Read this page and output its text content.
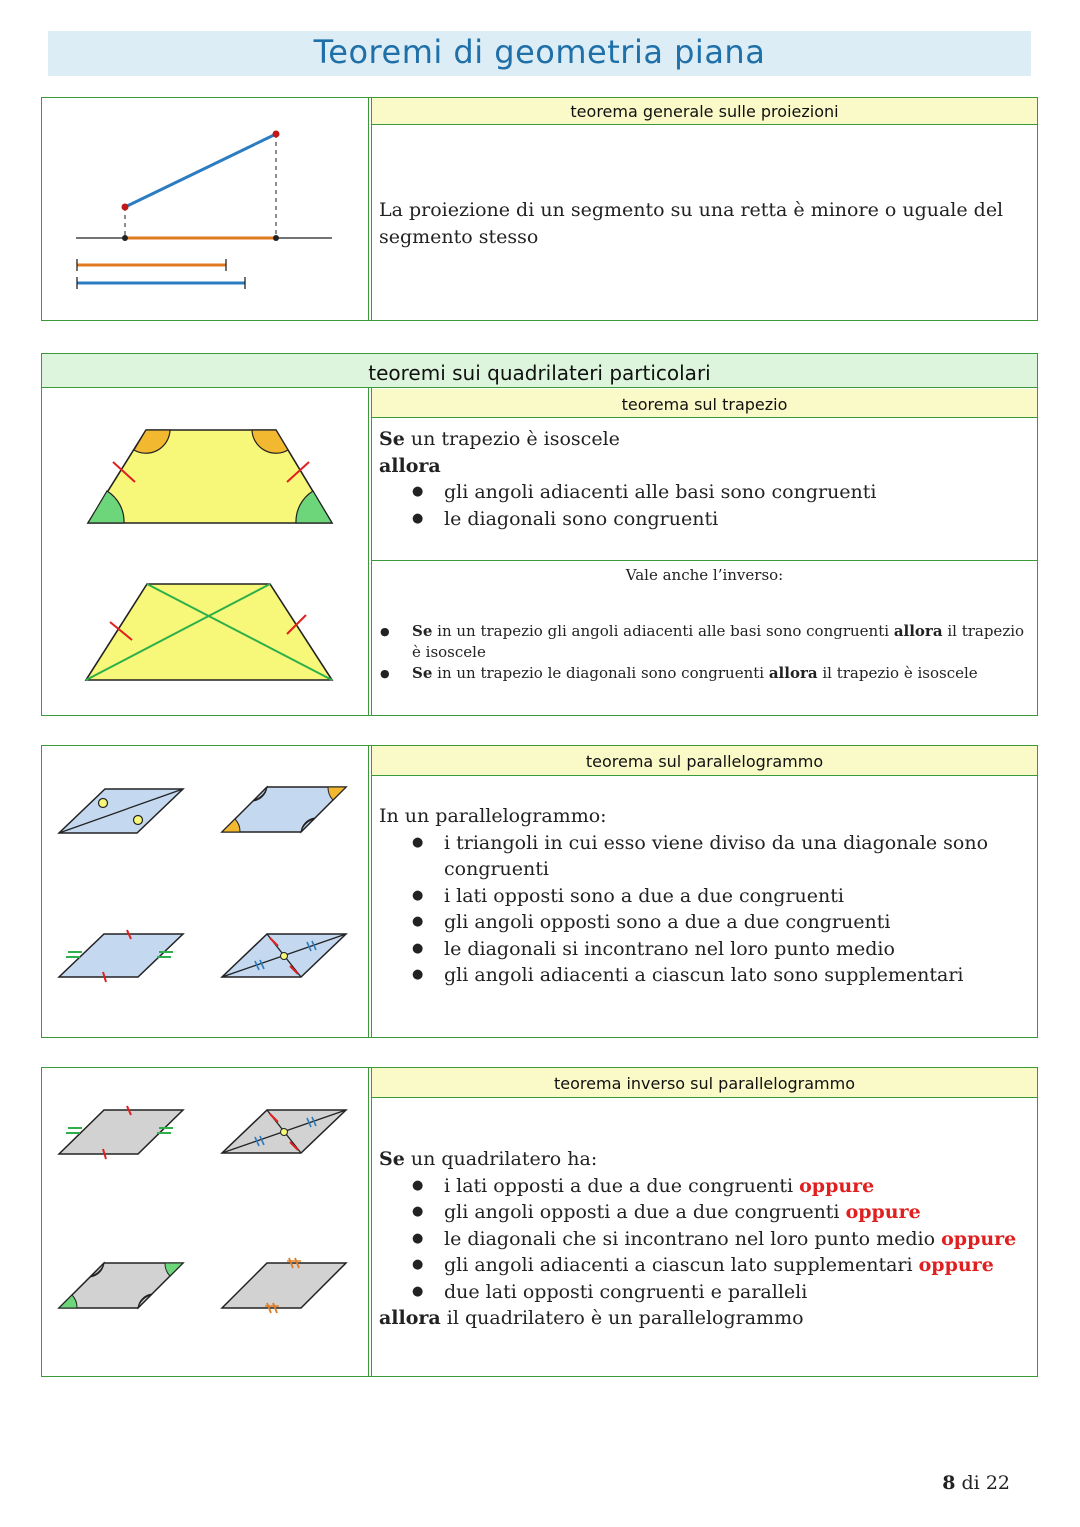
Teoremi di geometria piana
teorema generale sulle proiezioni
La proiezione di un segmento su una retta è minore o uguale del segmento stesso
teoremi sui quadrilateri particolari
teorema sul trapezio
Se un trapezio è isoscele
allora
● gli angoli adiacenti alle basi sono congruenti
● le diagonali sono congruenti
Vale anche l’inverso:
● Se in un trapezio gli angoli adiacenti alle basi sono congruenti allora il trapezio è isoscele
● Se in un trapezio le diagonali sono congruenti allora il trapezio è isoscele
teorema sul parallelogrammo
In un parallelogrammo:
● i triangoli in cui esso viene diviso da una diagonale sono congruenti
● i lati opposti sono a due a due congruenti
● gli angoli opposti sono a due a due congruenti
● le diagonali si incontrano nel loro punto medio
● gli angoli adiacenti a ciascun lato sono supplementari
teorema inverso sul parallelogrammo
Se un quadrilatero ha:
● i lati opposti a due a due congruenti oppure
● gli angoli opposti a due a due congruenti oppure
● le diagonali che si incontrano nel loro punto medio oppure
● gli angoli adiacenti a ciascun lato supplementari oppure
● due lati opposti congruenti e paralleli
allora il quadrilatero è un parallelogrammo
8 di 22
